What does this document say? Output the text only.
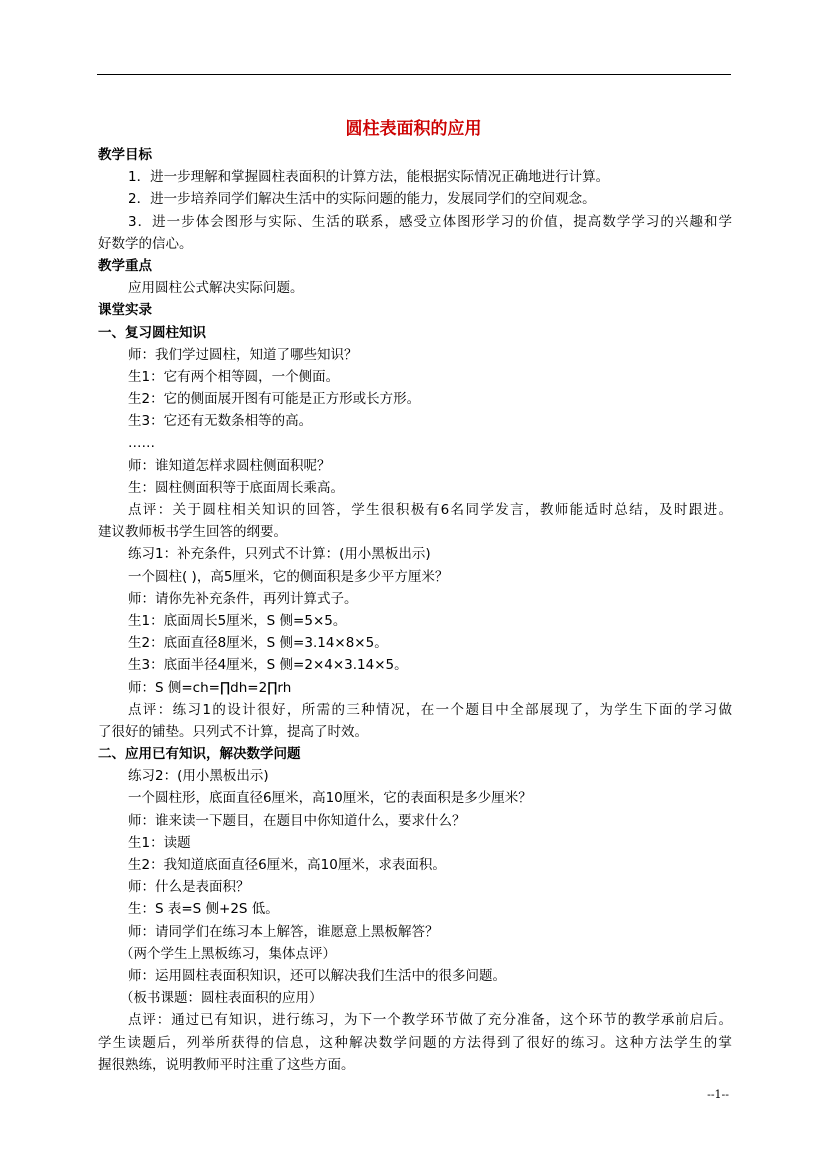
圆柱表面积的应用
教学目标
1．进一步理解和掌握圆柱表面积的计算方法，能根据实际情况正确地进行计算。
2．进一步培养同学们解决生活中的实际问题的能力，发展同学们的空间观念。
3．进一步体会图形与实际、生活的联系，感受立体图形学习的价值，提高数学学习的兴趣和学
好数学的信心。
教学重点
应用圆柱公式解决实际问题。
课堂实录
一、复习圆柱知识
师：我们学过圆柱，知道了哪些知识？
生1：它有两个相等圆，一个侧面。
生2：它的侧面展开图有可能是正方形或长方形。
生3：它还有无数条相等的高。
……
师：谁知道怎样求圆柱侧面积呢？
生：圆柱侧面积等于底面周长乘高。
点评：关于圆柱相关知识的回答，学生很积极有6名同学发言，教师能适时总结，及时跟进。
建议教师板书学生回答的纲要。
练习1：补充条件，只列式不计算：(用小黑板出示)
一个圆柱( )，高5厘米，它的侧面积是多少平方厘米？
师：请你先补充条件，再列计算式子。
生1：底面周长5厘米，S 侧=5×5。
生2：底面直径8厘米，S 侧=3.14×8×5。
生3：底面半径4厘米，S 侧=2×4×3.14×5。
师：S 侧=ch=∏dh=2∏rh
点评：练习1的设计很好，所需的三种情况，在一个题目中全部展现了，为学生下面的学习做
了很好的铺垫。只列式不计算，提高了时效。
二、应用已有知识，解决数学问题
练习2：(用小黑板出示)
一个圆柱形，底面直径6厘米，高10厘米，它的表面积是多少厘米？
师：谁来读一下题目，在题目中你知道什么，要求什么？
生1：读题
生2：我知道底面直径6厘米，高10厘米，求表面积。
师：什么是表面积？
生：S 表=S 侧+2S 低。
师：请同学们在练习本上解答，谁愿意上黑板解答？
（两个学生上黑板练习，集体点评）
师：运用圆柱表面积知识，还可以解决我们生活中的很多问题。
（板书课题：圆柱表面积的应用）
点评：通过已有知识，进行练习，为下一个教学环节做了充分准备，这个环节的教学承前启后。
学生读题后，列举所获得的信息，这种解决数学问题的方法得到了很好的练习。这种方法学生的掌
握很熟练，说明教师平时注重了这些方面。
--1--
